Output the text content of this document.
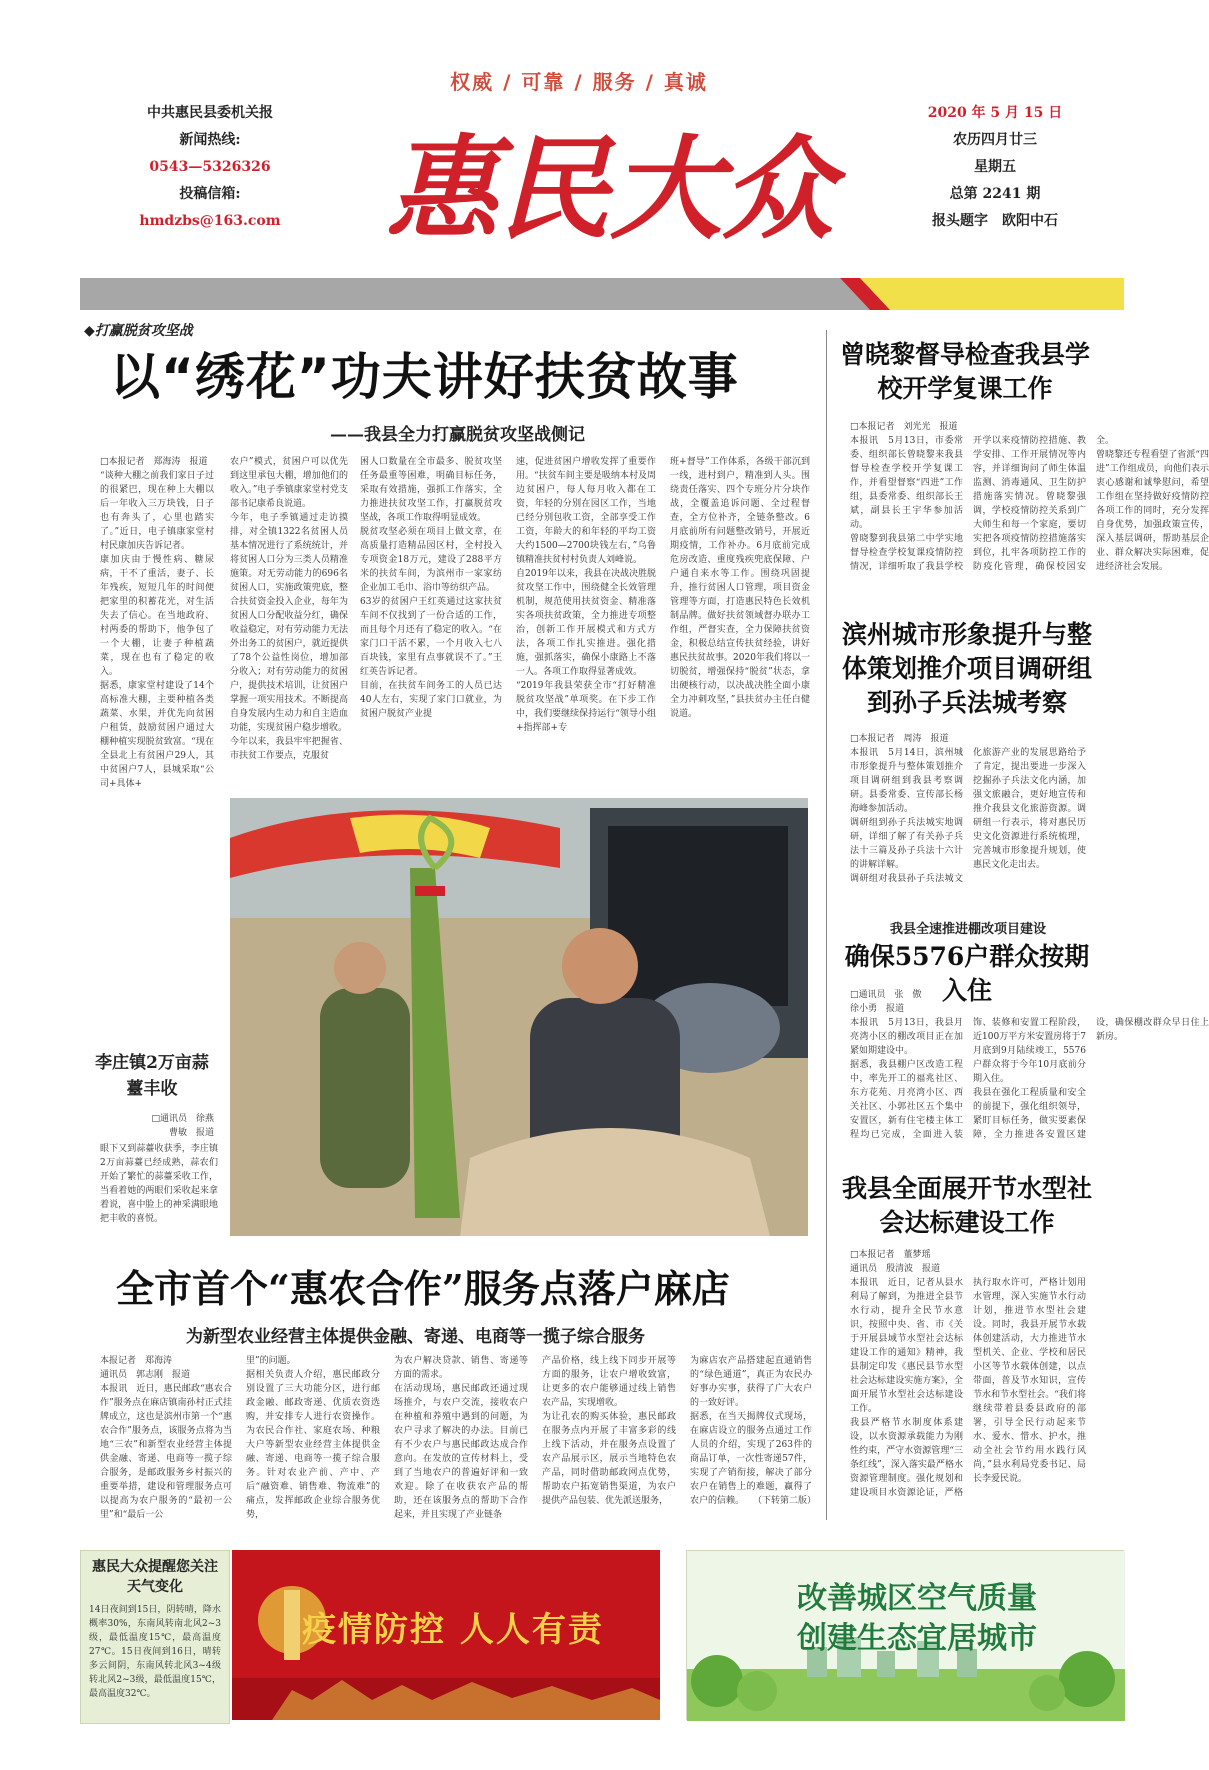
权威 / 可靠 / 服务 / 真诚
中共惠民县委机关报
新闻热线:
0543—5326326
投稿信箱:
hmdzbs@163.com 惠民大众
2020 年 5 月 15 日
农历四月廿三
星期五
总第 2241 期
报头题字　欧阳中石
◆打赢脱贫攻坚战
以“绣花”功夫讲好扶贫故事
——我县全力打赢脱贫攻坚战侧记
□本报记者　郑海涛　报道
“谈种大棚之前我们家日子过的很紧巴，现在种上大棚以后一年收入三万块钱，日子也有奔头了，心里也踏实了。”近日，电子镇康家堂村村民康加庆告诉记者。
康加庆由于慢性病、糖尿病，干不了重活，妻子、长年残疾，短短几年的时间便把家里的积蓄花光，对生活失去了信心。在当地政府、村两委的帮助下，他争包了一个大棚，让妻子种植蔬菜，现在也有了稳定的收入。
据悉，康家堂村建设了14个高标准大棚，主要种植各类蔬菜、水果，并优先向贫困户租赁，鼓励贫困户通过大棚种植实现脱贫致富。“现在全县北上有贫困户29人，其中贫困户7人，县城采取“公司+具体+
农户”模式，贫困户可以优先到这里承包大棚，增加他们的收入。”电子季镇康家堂村党支部书记康希良说道。
今年，电子季镇通过走访摸排，对全镇1322名贫困人员基本情况进行了系统统计，并将贫困人口分为三类人员精准施策。对无劳动能力的696名贫困人口，实施政策兜底，整合扶贫资金投入企业，每年为贫困人口分配收益分红，确保收益稳定，对有劳动能力无法外出务工的贫困户，就近提供了78个公益性岗位，增加部分收入；对有劳动能力的贫困户，提供技术培训，让贫困户掌握一项实用技术。不断提高自身发展内生动力和自主造血功能，实现贫困户稳步增收。
今年以来，我县牢牢把握省、市扶贫工作要点，克服贫
困人口数量在全市最多、脱贫攻坚任务最重等困难，明确目标任务，采取有效措施，强抓工作落实，全力推进扶贫攻坚工作，打赢脱贫攻坚战，各项工作取得明显成效。
脱贫攻坚必须在项目上做文章，在高质量打造精品园区村，全村投入专项资金18万元，建设了288平方米的扶贫车间，为滨州市一家家纺企业加工毛巾、浴巾等纺织产品。
63岁的贫困户王红英通过这家扶贫车间不仅找到了一份合适的工作，而且每个月还有了稳定的收入。“在家门口干活不累，一个月收入七八百块钱，家里有点事就误不了。”王红英告诉记者。
目前，在扶贫车间务工的人员已达40人左右，实现了家门口就业，为贫困户脱贫产业提
速，促进贫困户增收发挥了重要作用。“扶贫车间主要是吸纳本村及周边贫困户，每人每月收入都在工资，年轻的分别在园区工作，当地已经分别包收工资，全部享受工作工资，年龄大的和年轻的平均工资大约1500—2700块钱左右，”乌鲁镇精准扶贫村村负责人刘峰说。
自2019年以来，我县在决战决胜脱贫攻坚工作中，围绕健全长效管理机制，规范使用扶贫资金、精准落实各项扶贫政策，全力推进专项整治，创新工作开展模式和方式方法，各项工作扎实推进。强化措施，强抓落实，确保小康路上不落一人。各项工作取得显著成效。
“2019年我县荣获全市“打好精准脱贫攻坚战”单项奖。在下步工作中，我们要继续保持运行“领导小组+指挥部+专
班+督导”工作体系，各级干部沉到一线，进村到户，精准到人头。围绕责任落实、四个专班分片分块作战，全覆盖追诉问题、全过程督查，全方位补齐，全链条整改。6月底前所有问题整改销号，开展近期疫情，工作补办。6月底前完成危房改造、重度残疾兜底保障、户户通自来水等工作。围绕巩固提升，推行贫困人口管理，项目资金管理等方面，打造惠民特色长效机制品牌。做好扶贫领域督办联办工作组，严督实查，全力保障扶贫资金，积极总结宣传扶贫经验，讲好惠民扶贫故事。2020年我们将以一切脱贫，增强保持“脱贫”状态，拿出硬核行动，以决战决胜全面小康全力冲刺攻坚，”县扶贫办主任白健说道。
李庄镇2万亩蒜薹丰收
□通讯员　徐燕
曹敏　报道
眼下又到蒜薹收获季，李庄镇2万亩蒜薹已经成熟，蒜农们开始了繁忙的蒜薹采收工作，当看着她的两眼们采收起来拿着说，喜中脸上的神采满眼地把丰收的喜悦。
曾晓黎督导检查我县学校开学复课工作
□本报记者　刘光光　报道
本报讯　5月13日，市委常委、组织部长曾晓黎来我县督导检查学校开学复课工作，并看望督察“四进”工作组，县委常委、组织部长王斌，副县长王宇华参加活动。
曾晓黎到我县第二中学实地督导检查学校复课疫情防控情况，详细听取了我县学校开学以来疫情防控措施、教学安排、工作开展情况等内容，并详细询问了师生体温监测、消毒通风、卫生防护措施落实情况。曾晓黎强调，学校疫情防控关系到广大师生和每一个家庭，要切实把各项疫情防控措施落实到位，扎牢各项防控工作的防疫化管理，确保校园安全。
曾晓黎还专程看望了省派“四进”工作组成员，向他们表示衷心感谢和诚挚慰问，希望工作组在坚持做好疫情防控各项工作的同时，充分发挥自身优势，加强政策宣传，深入基层调研，帮助基层企业、群众解决实际困难，促进经济社会发展。
滨州城市形象提升与整体策划推介项目调研组到孙子兵法城考察
□本报记者　周涛　报道
本报讯　5月14日，滨州城市形象提升与整体策划推介项目调研组到我县考察调研。县委常委、宣传部长杨海峰参加活动。
调研组到孙子兵法城实地调研，详细了解了有关孙子兵法十三篇及孙子兵法十六计的讲解详解。
调研组对我县孙子兵法城文化旅游产业的发展思路给予了肯定，提出要进一步深入挖掘孙子兵法文化内涵，加强文旅融合，更好地宣传和推介我县文化旅游资源。调研组一行表示，将对惠民历史文化资源进行系统梳理，完善城市形象提升规划，使惠民文化走出去。
我县全速推进棚改项目建设
确保5576户群众按期入住
□通讯员　张　傲
徐小勇　报道
本报讯　5月13日，我县月亮湾小区的棚改项目正在加紧如期建设中。
据悉，我县棚户区改造工程中，率先开工的福兆社区、东方花苑、月亮湾小区、西关社区、小郭社区五个集中安置区，新有住宅楼主体工程均已完成，全面进入装饰、装修和安置工程阶段，近100万平方米安置房将于7月底到9月陆续竣工，5576户群众将于今年10月底前分期入住。
我县在强化工程质量和安全的前提下，强化组织领导，紧盯目标任务，做实要素保障，全力推进各安置区建设，确保棚改群众早日住上新房。
我县全面展开节水型社会达标建设工作
□本报记者　董梦瑶
通讯员　殷清波　报道
本报讯　近日，记者从县水利局了解到，为推进全县节水行动，提升全民节水意识，按照中央、省、市《关于开展县域节水型社会达标建设工作的通知》精神，我县制定印发《惠民县节水型社会达标建设实施方案》，全面开展节水型社会达标建设工作。
我县严格节水制度体系建设，以水资源承载能力为刚性约束，严守水资源管理“三条红线”，深入落实最严格水资源管理制度。强化规划和建设项目水资源论证，严格执行取水许可，严格计划用水管理，深入实施节水行动计划，推进节水型社会建设。同时，我县开展节水载体创建活动，大力推进节水型机关、企业、学校和居民小区等节水载体创建，以点带面，普及节水知识，宣传节水和节水型社会。“我们将继续带着县委县政府的部署，引导全民行动起来节水、爱水、惜水、护水，推动全社会节约用水践行风尚，”县水利局党委书记、局长李爱民说。
全市首个“惠农合作”服务点落户麻店
为新型农业经营主体提供金融、寄递、电商等一揽子综合服务
本报记者　郑海涛
通讯员　郭志刚　报道
本报讯　近日，惠民邮政“惠农合作”服务点在麻店镇南孙村正式挂牌成立，这也是滨州市第一个“惠农合作”服务点，该服务点将为当地“三农”和新型农业经营主体提供金融、寄递、电商等一揽子综合服务，是邮政服务乡村振兴的重要举措，建设和管理服务点可以提高为农户服务的“最初一公里”和“最后一公
里”的问题。
据相关负责人介绍，惠民邮政分别设置了三大功能分区，进行邮政金融、邮政寄递、优质农资选购，并安排专人进行农资操作。为农民合作社、家庭农场、种粮大户等新型农业经营主体提供金融、寄递、电商等一揽子综合服务。针对农业产前、产中、产后“融资难、销售难、物流难”的痛点，发挥邮政企业综合服务优势，
为农户解决贷款、销售、寄递等方面的需求。
在活动现场，惠民邮政还通过现场推介，与农户交流，接收农户在种植和养殖中遇到的问题，为农户寻求了解决的办法。目前已有不少农户与惠民邮政达成合作意向。在发放的宣传材料上，受到了当地农户的普遍好评和一致欢迎。除了在收获农产品的帮助，还在该服务点的帮助下合作起来，并且实现了产业链条
产品价格，线上线下同步开展等方面的服务，让农户增收致富，让更多的农户能够通过线上销售农产品，实现增收。
为让孔农的购买体验，惠民邮政在服务点内开展了丰富多彩的线上线下活动，并在服务点设置了农产品展示区，展示当地特色农产品，同时借助邮政网点优势，帮助农户拓宽销售渠道，为农户提供产品包装、优先派送服务，
为麻店农产品搭建起直通销售的“绿色通道”，真正为农民办好事办实事，获得了广大农户的一致好评。
据悉，在当天揭牌仪式现场，在麻店设立的服务点通过工作人员的介绍，实现了263件的商品订单，一次性寄递57件，实现了产销衔接，解决了部分农户在销售上的难题，赢得了农户的信赖。　　（下转第二版）
惠民大众提醒您关注天气变化
14日夜间到15日，阴转晴，降水概率30%，东南风转南北风2~3级，最低温度15℃，最高温度27℃。15日夜间到16日，晴转多云间阴，东南风转北风3~4级转北风2~3级，最低温度15℃，最高温度32℃。
疫情防控 人人有责
改善城区空气质量
创建生态宜居城市
